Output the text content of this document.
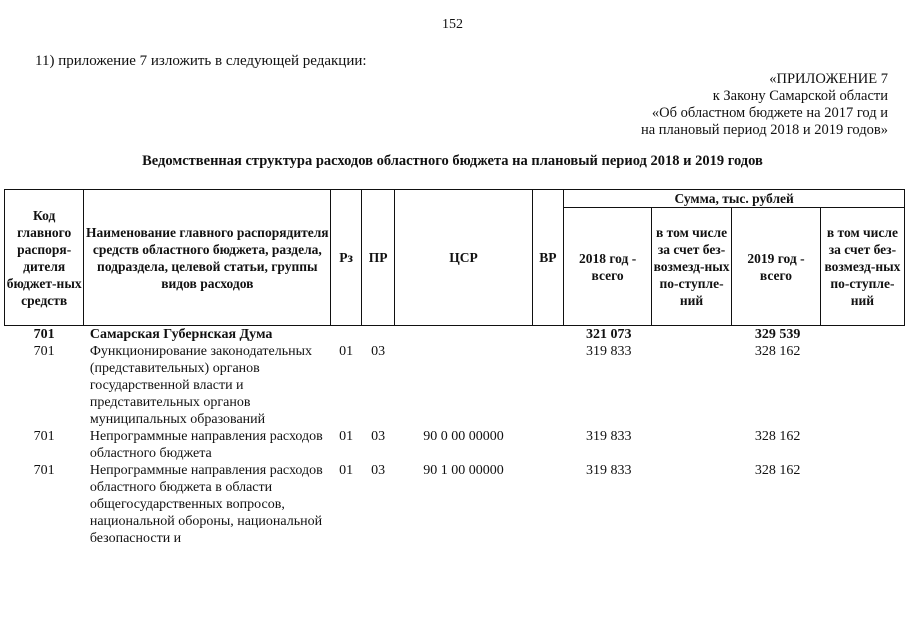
152
11) приложение 7 изложить в следующей редакции:
«ПРИЛОЖЕНИЕ 7
к Закону Самарской области
«Об областном бюджете на 2017 год и
на плановый период 2018 и 2019 годов»
Ведомственная структура расходов областного бюджета на плановый период 2018 и 2019 годов
Код главного распоря-дителя бюджет-ных средств	Наименование главного распорядителя средств областного бюджета, раздела, подраздела, целевой статьи, группы видов расходов	Рз	ПР	ЦСР	ВР	Сумма, тыс. рублей			
						2018 год - всего	в том числе за счет без-возмезд-ных по-ступле-ний	2019 год - всего	в том числе за счет без-возмезд-ных по-ступле-ний
701	Самарская Губернская Дума					321 073		329 539	
701	Функционирование законодательных (представительных) органов государственной власти и представительных органов муниципальных образований	01	03			319 833		328 162	
701	Непрограммные направления расходов областного бюджета	01	03	90 0 00 00000		319 833		328 162	
701	Непрограммные направления расходов областного бюджета в области общегосударственных вопросов, национальной обороны, национальной безопасности и	01	03	90 1 00 00000		319 833		328 162	
